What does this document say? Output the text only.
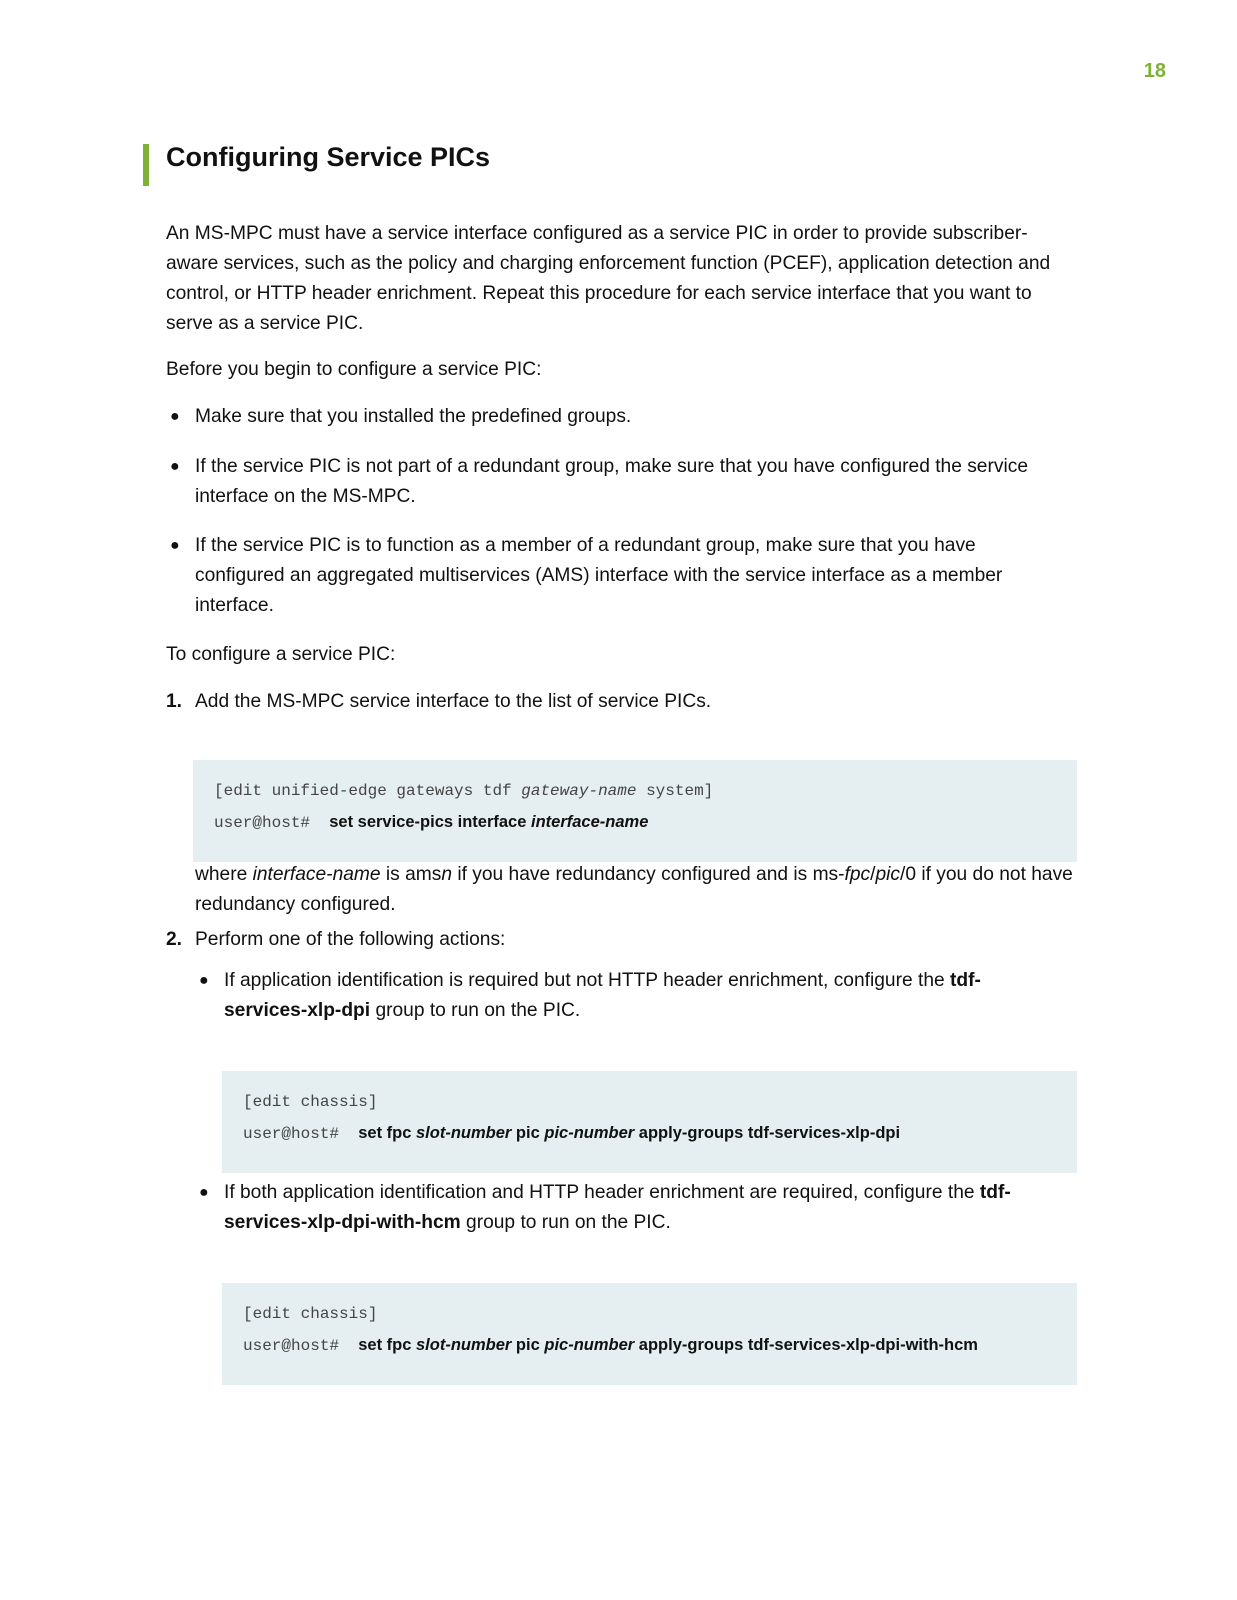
18
Configuring Service PICs

An MS-MPC must have a service interface configured as a service PIC in order to provide subscriber-aware services, such as the policy and charging enforcement function (PCEF), application detection and control, or HTTP header enrichment. Repeat this procedure for each service interface that you want to serve as a service PIC.

Before you begin to configure a service PIC:

● Make sure that you installed the predefined groups.
● If the service PIC is not part of a redundant group, make sure that you have configured the service interface on the MS-MPC.
● If the service PIC is to function as a member of a redundant group, make sure that you have configured an aggregated multiservices (AMS) interface with the service interface as a member interface.

To configure a service PIC:

1. Add the MS-MPC service interface to the list of service PICs.
[edit unified-edge gateways tdf gateway-name system]
user@host# set service-pics interface interface-name

where interface-name is amsn if you have redundancy configured and is ms-fpc/pic/0 if you do not have redundancy configured.

2. Perform one of the following actions:
● If application identification is required but not HTTP header enrichment, configure the tdf-services-xlp-dpi group to run on the PIC.
[edit chassis]
user@host# set fpc slot-number pic pic-number apply-groups tdf-services-xlp-dpi
● If both application identification and HTTP header enrichment are required, configure the tdf-services-xlp-dpi-with-hcm group to run on the PIC.
[edit chassis]
user@host# set fpc slot-number pic pic-number apply-groups tdf-services-xlp-dpi-with-hcm
